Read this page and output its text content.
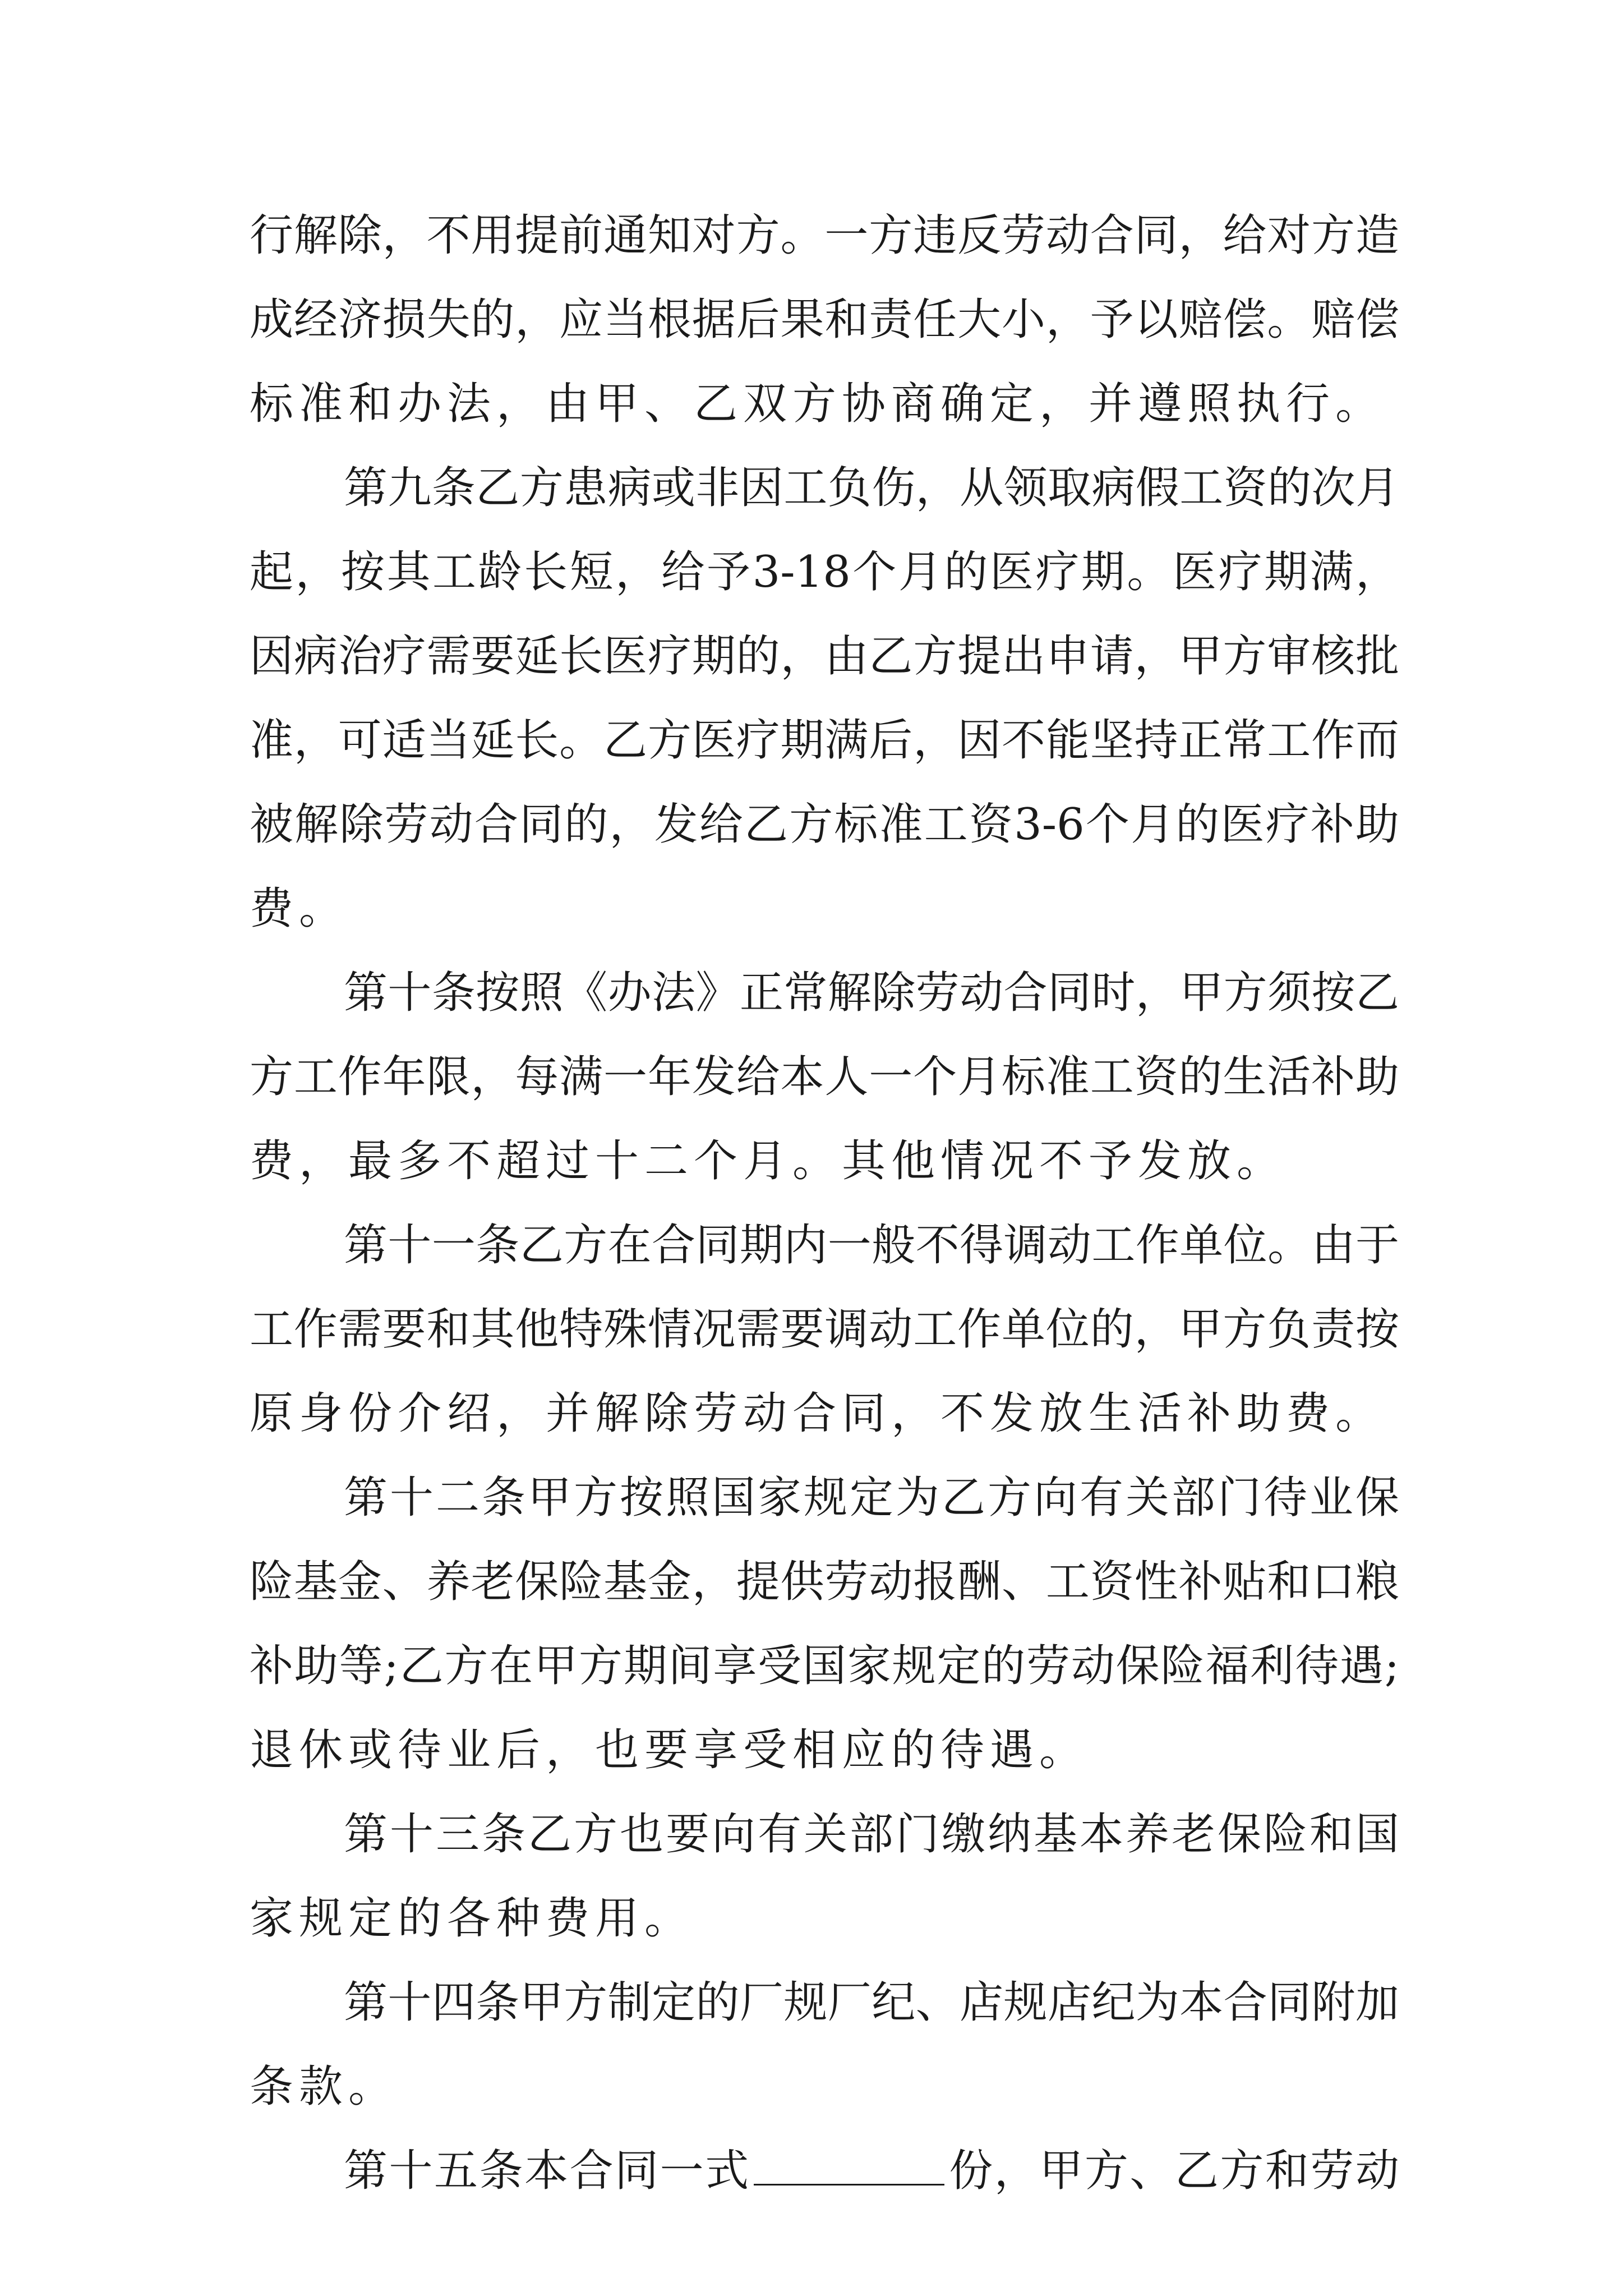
行解除，不用提前通知对方。一方违反劳动合同，给对方造

成经济损失的，应当根据后果和责任大小，予以赔偿。赔偿

标准和办法，由甲、乙双方协商确定，并遵照执行。

第九条乙方患病或非因工负伤，从领取病假工资的次月

起，按其工龄长短，给予3-18个月的医疗期。医疗期满，

因病治疗需要延长医疗期的，由乙方提出申请，甲方审核批

准，可适当延长。乙方医疗期满后，因不能坚持正常工作而

被解除劳动合同的，发给乙方标准工资3-6个月的医疗补助

费。

第十条按照《办法》正常解除劳动合同时，甲方须按乙

方工作年限，每满一年发给本人一个月标准工资的生活补助

费，最多不超过十二个月。其他情况不予发放。

第十一条乙方在合同期内一般不得调动工作单位。由于

工作需要和其他特殊情况需要调动工作单位的，甲方负责按

原身份介绍，并解除劳动合同，不发放生活补助费。

第十二条甲方按照国家规定为乙方向有关部门待业保

险基金、养老保险基金，提供劳动报酬、工资性补贴和口粮

补助等;乙方在甲方期间享受国家规定的劳动保险福利待遇;

退休或待业后，也要享受相应的待遇。

第十三条乙方也要向有关部门缴纳基本养老保险和国

家规定的各种费用。

第十四条甲方制定的厂规厂纪、店规店纪为本合同附加

条款。

第十五条本合同一式	份，甲方、乙方和劳动
